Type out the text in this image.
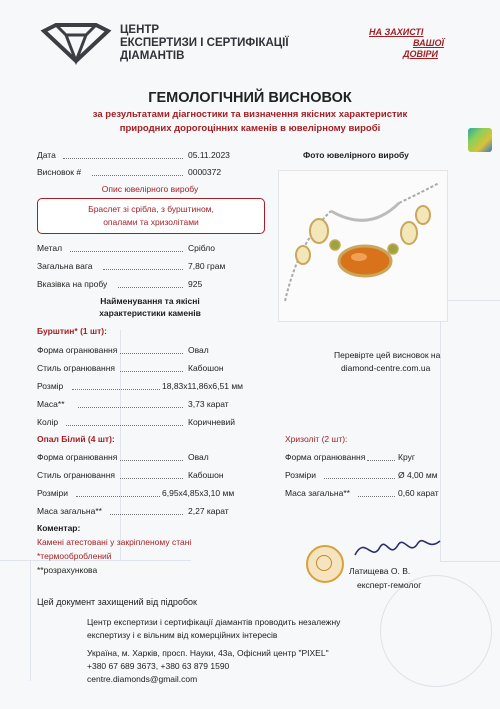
ЦЕНТР
ЕКСПЕРТИЗИ І СЕРТИФІКАЦІЇ
ДІАМАНТІВ
НА ЗАХИСТІ
ВАШОЇ
ДОВІРИ
ГЕМОЛОГІЧНИЙ ВИСНОВОК
за результатами діагностики та визначення якісних характеристик
природних дорогоцінних каменів в ювелірному виробі
Дата	05.11.2023
Висновок #	0000372
Опис ювелірного виробу
Браслет зі срібла, з бурштином,
опалами та хризолітами
Метал	Срібло
Загальна вага	7,80 грам
Вказівка на пробу	925
Найменування та якісні
характеристики каменів
Фото ювелірного виробу
Бурштин* (1 шт):
Форма огранювання	Овал
Стиль огранювання	Кабошон
Розмір	18,83x11,86x6,51 мм
Маса**	3,73 карат
Колір	Коричневий
Перевірте цей висновок на
diamond-centre.com.ua
Опал Білий (4 шт):
Форма огранювання	Овал
Стиль огранювання	Кабошон
Розміри	6,95x4,85x3,10 мм
Маса загальна**	2,27 карат
Хризоліт (2 шт):
Форма огранювання	Круг
Розміри	Ø 4,00 мм
Маса загальна**	0,60 карат
Коментар:
Камені атестовані у закріпленому стані
*термооброблений
**розрахункова	Латищева О. В.
експерт-гемолог
Цей документ захищений від підробок
Центр експертизи і сертифікації діамантів проводить незалежну
експертизу і є вільним від комерційних інтересів
Україна, м. Харків, просп. Науки, 43а, Офісний центр "PIXEL"
+380 67 689 3673, +380 63 879 1590
centre.diamonds@gmail.com
